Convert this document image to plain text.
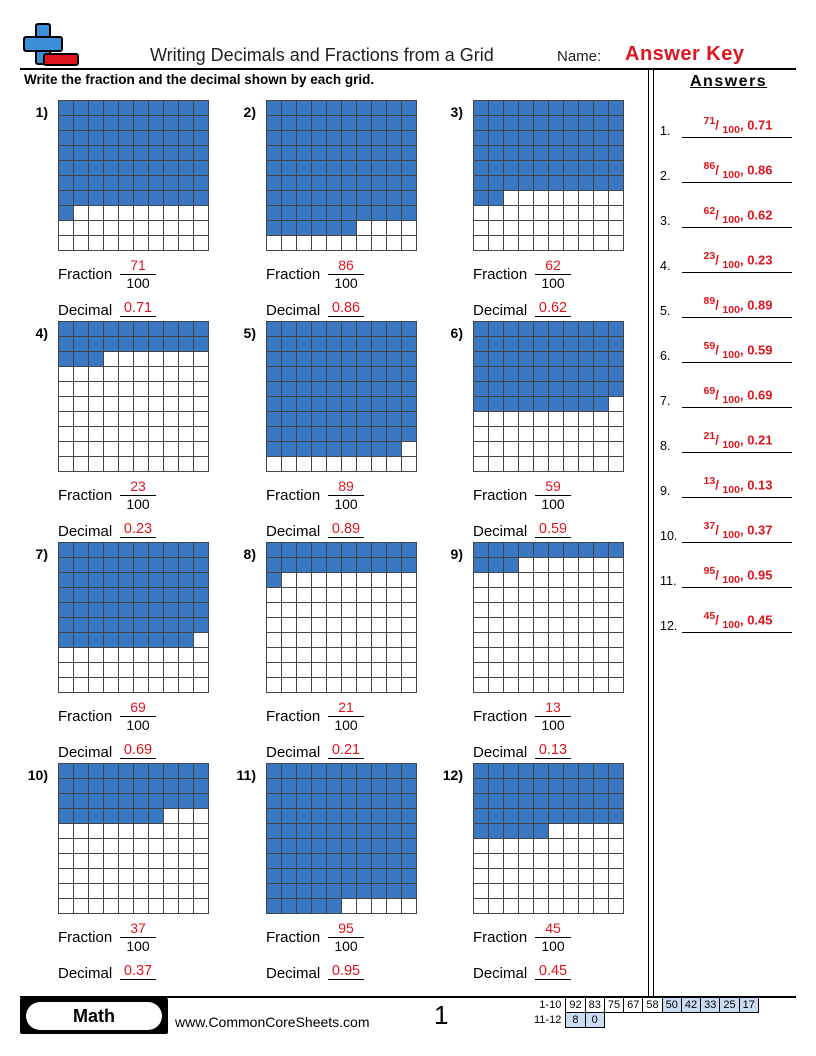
Writing Decimals and Fractions from a Grid	Name: Answer Key
Write the fraction and the decimal shown by each grid.	Answers
1)
Fraction $\frac{71}{100}$
Decimal 0.71
2)
Fraction $\frac{86}{100}$
Decimal 0.86
3)
Fraction $\frac{62}{100}$
Decimal 0.62
4)
Fraction $\frac{23}{100}$
Decimal 0.23
5)
Fraction $\frac{89}{100}$
Decimal 0.89
6)
Fraction $\frac{59}{100}$
Decimal 0.59
7)
Fraction $\frac{69}{100}$
Decimal 0.69
8)
Fraction $\frac{21}{100}$
Decimal 0.21
9)
Fraction $\frac{13}{100}$
Decimal 0.13
10)
Fraction $\frac{37}{100}$
Decimal 0.37
11)
Fraction $\frac{95}{100}$
Decimal 0.95
12)
Fraction $\frac{45}{100}$
Decimal 0.45
1.
$^{71}$/ $_{100}$, 0.71
2.
$^{86}$/ $_{100}$, 0.86
3.
$^{62}$/ $_{100}$, 0.62
4.
$^{23}$/ $_{100}$, 0.23
5.
$^{89}$/ $_{100}$, 0.89
6.
$^{59}$/ $_{100}$, 0.59
7.
$^{69}$/ $_{100}$, 0.69
8.
$^{21}$/ $_{100}$, 0.21
9.
$^{13}$/ $_{100}$, 0.13
10.
$^{37}$/ $_{100}$, 0.37
11.
$^{95}$/ $_{100}$, 0.95
12.
$^{45}$/ $_{100}$, 0.45
Math	www.CommonCoreSheets.com 1	1-10	92	83	75	67	58	50	42	33	25	17
11-12	8	0								
